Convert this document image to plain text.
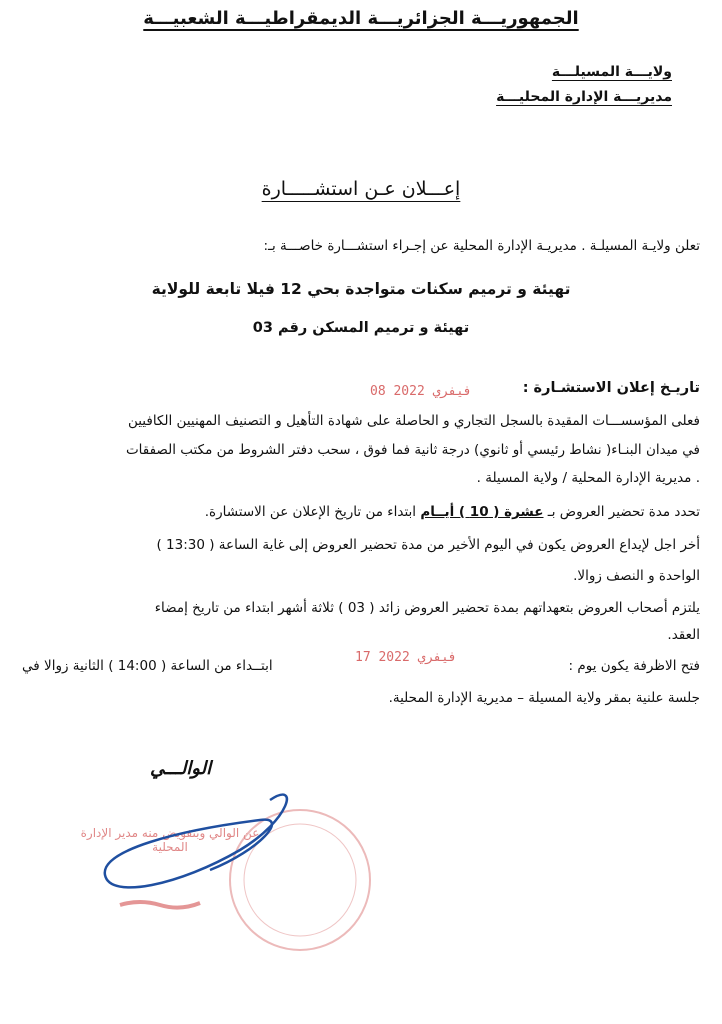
الجمهوريـــة الجزائريـــة الديمقراطيـــة الشعبيـــة
ولايـــة المسيلـــة
مديريـــة الإدارة المحليـــة
إعـــلان عـن استشـــــارة
تعلن ولايـة المسيلـة . مديريـة الإدارة المحلية عن إجـراء استشـــارة خاصـــة بـ:
تهيئة و ترميم سكنات متواجدة بحي 12 فيلا تابعة للولاية
تهيئة و ترميم المسكن رقم 03
تاريـخ إعلان الاستشـارة :
08 فيفري 2022
فعلى المؤسســـات المقيدة بالسجل التجاري و الحاصلة على شهادة التأهيل و التصنيف المهنيين الكافيين
في ميدان البنـاء( نشاط رئيسي أو ثانوي) درجة ثانية فما فوق ، سحب دفتر الشروط من مكتب الصفقات
. مديرية الإدارة المحلية / ولاية المسيلة .
تحدد مدة تحضير العروض بـ عشرة ( 10 ) أيــام ابتداء من تاريخ الإعلان عن الاستشارة.
أخر اجل لإيداع العروض يكون في اليوم الأخير من مدة تحضير العروض إلى غاية الساعة ( 13:30 )
الواحدة و النصف زوالا.
يلتزم أصحاب العروض بتعهداتهم بمدة تحضير العروض زائد ( 03 ) ثلاثة أشهر ابتداء من تاريخ إمضاء
العقد.
فتح الاظرفة يكون يوم :
17 فيفري 2022
ابتــداء من الساعة ( 14:00 ) الثانية زوالا في
جلسة علنية بمقر ولاية المسيلة – مديرية الإدارة المحلية.
الوالـــي
عن الوالي وبتفويض منه مدير الإدارة المحلية
